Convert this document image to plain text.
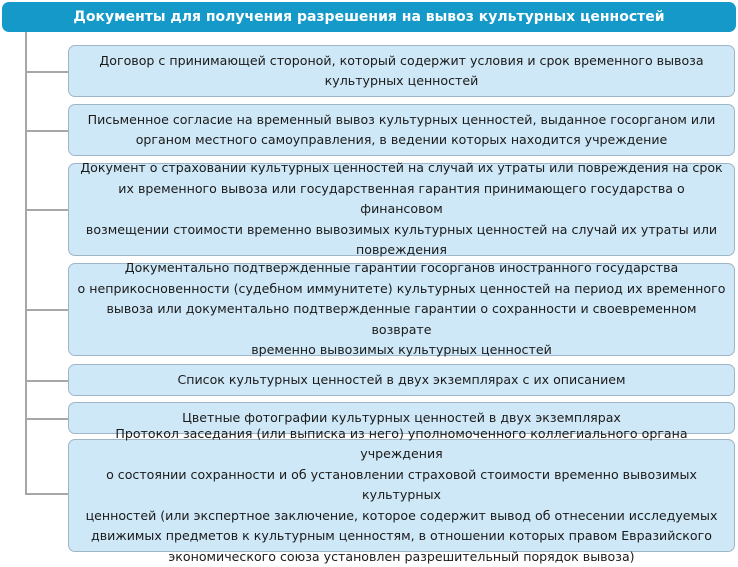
Документы для получения разрешения на вывоз культурных ценностей
Договор с принимающей стороной, который содержит условия и срок временного вывоза
культурных ценностей
Письменное согласие на временный вывоз культурных ценностей, выданное госорганом или
органом местного самоуправления, в ведении которых находится учреждение
Документ о страховании культурных ценностей на случай их утраты или повреждения на срок
их временного вывоза или государственная гарантия принимающего государства о финансовом
возмещении стоимости временно вывозимых культурных ценностей на случай их утраты или
повреждения
Документально подтвержденные гарантии госорганов иностранного государства
о неприкосновенности (судебном иммунитете) культурных ценностей на период их временного
вывоза или документально подтвержденные гарантии о сохранности и своевременном возврате
временно вывозимых культурных ценностей
Список культурных ценностей в двух экземплярах с их описанием
Цветные фотографии культурных ценностей в двух экземплярах
Протокол заседания (или выписка из него) уполномоченного коллегиального органа учреждения
о состоянии сохранности и об установлении страховой стоимости временно вывозимых культурных
ценностей (или экспертное заключение, которое содержит вывод об отнесении исследуемых
движимых предметов к культурным ценностям, в отношении которых правом Евразийского
экономического союза установлен разрешительный порядок вывоза)
